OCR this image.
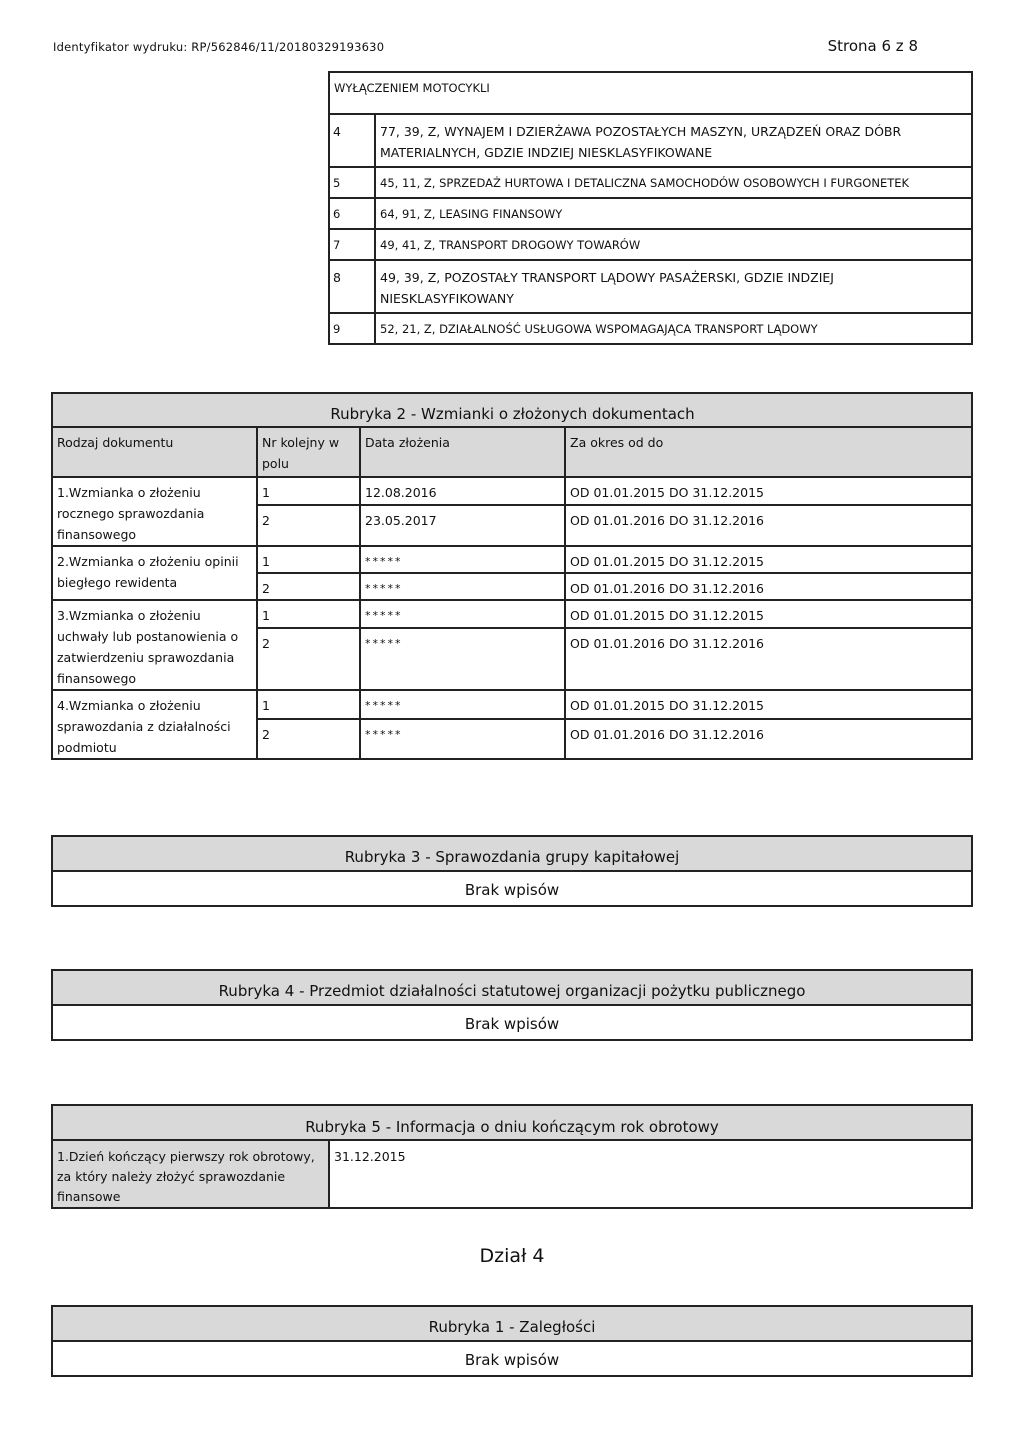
Identyfikator wydruku: RP/562846/11/20180329193630	Strona 6 z 8
WYŁĄCZENIEM MOTOCYKLI	
4	77, 39, Z, WYNAJEM I DZIERŻAWA POZOSTAŁYCH MASZYN, URZĄDZEŃ ORAZ DÓBR MATERIALNYCH, GDZIE INDZIEJ NIESKLASYFIKOWANE
5	45, 11, Z, SPRZEDAŻ HURTOWA I DETALICZNA SAMOCHODÓW OSOBOWYCH I FURGONETEK
6	64, 91, Z, LEASING FINANSOWY
7	49, 41, Z, TRANSPORT DROGOWY TOWARÓW
8	49, 39, Z, POZOSTAŁY TRANSPORT LĄDOWY PASAŻERSKI, GDZIE INDZIEJ NIESKLASYFIKOWANY
9	52, 21, Z, DZIAŁALNOŚĆ USŁUGOWA WSPOMAGAJĄCA TRANSPORT LĄDOWY
Rubryka 2 - Wzmianki o złożonych dokumentach			
Rodzaj dokumentu	Nr kolejny w polu	Data złożenia	Za okres od do
1.Wzmianka o złożeniu rocznego sprawozdania finansowego	1	12.08.2016	OD 01.01.2015 DO 31.12.2015
	2	23.05.2017	OD 01.01.2016 DO 31.12.2016
2.Wzmianka o złożeniu opinii biegłego rewidenta	1	*****	OD 01.01.2015 DO 31.12.2015
	2	*****	OD 01.01.2016 DO 31.12.2016
3.Wzmianka o złożeniu uchwały lub postanowienia o zatwierdzeniu sprawozdania finansowego	1	*****	OD 01.01.2015 DO 31.12.2015
	2	*****	OD 01.01.2016 DO 31.12.2016
4.Wzmianka o złożeniu sprawozdania z działalności podmiotu	1	*****	OD 01.01.2015 DO 31.12.2015
	2	*****	OD 01.01.2016 DO 31.12.2016
Rubryka 3 - Sprawozdania grupy kapitałowej
Brak wpisów
Rubryka 4 - Przedmiot działalności statutowej organizacji pożytku publicznego
Brak wpisów
Rubryka 5 - Informacja o dniu kończącym rok obrotowy
1.Dzień kończący pierwszy rok obrotowy, za który należy złożyć sprawozdanie finansowe	31.12.2015
Dział 4
Rubryka 1 - Zaległości
Brak wpisów
